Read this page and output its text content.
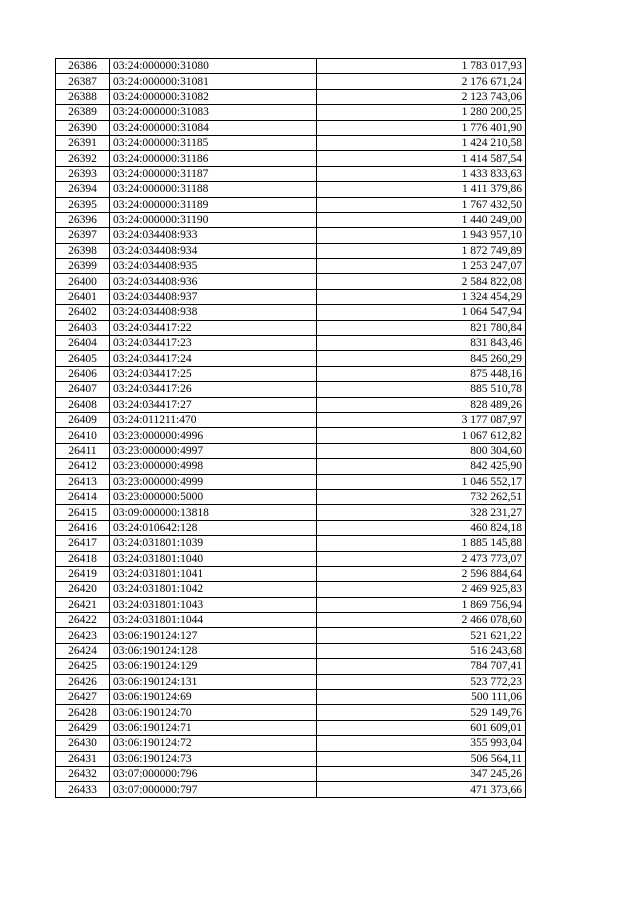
26386	03:24:000000:31080	1 783 017,93
26387	03:24:000000:31081	2 176 671,24
26388	03:24:000000:31082	2 123 743,06
26389	03:24:000000:31083	1 280 200,25
26390	03:24:000000:31084	1 776 401,90
26391	03:24:000000:31185	1 424 210,58
26392	03:24:000000:31186	1 414 587,54
26393	03:24:000000:31187	1 433 833,63
26394	03:24:000000:31188	1 411 379,86
26395	03:24:000000:31189	1 767 432,50
26396	03:24:000000:31190	1 440 249,00
26397	03:24:034408:933	1 943 957,10
26398	03:24:034408:934	1 872 749,89
26399	03:24:034408:935	1 253 247,07
26400	03:24:034408:936	2 584 822,08
26401	03:24:034408:937	1 324 454,29
26402	03:24:034408:938	1 064 547,94
26403	03:24:034417:22	821 780,84
26404	03:24:034417:23	831 843,46
26405	03:24:034417:24	845 260,29
26406	03:24:034417:25	875 448,16
26407	03:24:034417:26	885 510,78
26408	03:24:034417:27	828 489,26
26409	03:24:011211:470	3 177 087,97
26410	03:23:000000:4996	1 067 612,82
26411	03:23:000000:4997	800 304,60
26412	03:23:000000:4998	842 425,90
26413	03:23:000000:4999	1 046 552,17
26414	03:23:000000:5000	732 262,51
26415	03:09:000000:13818	328 231,27
26416	03:24:010642:128	460 824,18
26417	03:24:031801:1039	1 885 145,88
26418	03:24:031801:1040	2 473 773,07
26419	03:24:031801:1041	2 596 884,64
26420	03:24:031801:1042	2 469 925,83
26421	03:24:031801:1043	1 869 756,94
26422	03:24:031801:1044	2 466 078,60
26423	03:06:190124:127	521 621,22
26424	03:06:190124:128	516 243,68
26425	03:06:190124:129	784 707,41
26426	03:06:190124:131	523 772,23
26427	03:06:190124:69	500 111,06
26428	03:06:190124:70	529 149,76
26429	03:06:190124:71	601 609,01
26430	03:06:190124:72	355 993,04
26431	03:06:190124:73	506 564,11
26432	03:07:000000:796	347 245,26
26433	03:07:000000:797	471 373,66
